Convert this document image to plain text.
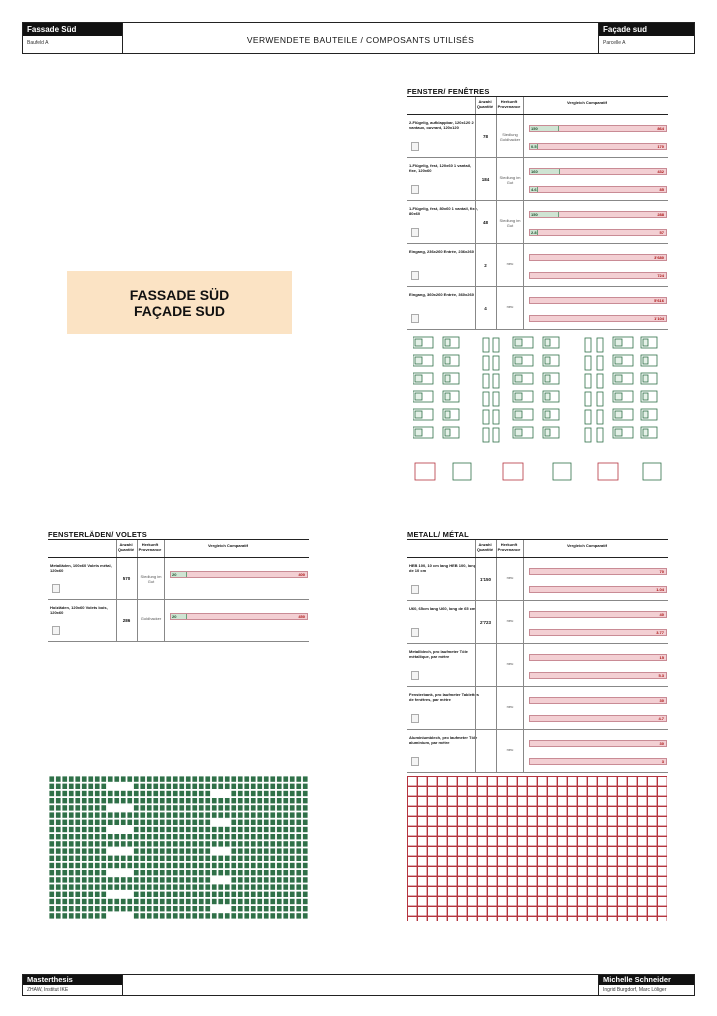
Fassade Süd
Baufeld A	VERWENDETE BAUTEILE / COMPOSANTS UTILISÉS
Façade sud
Parcelle A
FASSADE SÜD
FAÇADE SUD
FENSTER/ FENÊTRES
Anzahl Quantité
Herkunft Provenance
Vergleich Comparatif
2-Flügelig, aufklappbar, 120x120 2 vantaux, ouvrant, 120x120
78	Siedlung Goldhacker
150	864
0.5	170
1-Flügelig, fest, 120x60 1 vantail, fixe, 120x60
184	Siedlung im Gut
160	432
4.6	85
1-Flügelig, fest, 80x60 1 vantail, fixe, 80x60
48	Siedlung im Gut
150	288
2.8	57
Eingang, 236x260 Entrée, 236x260
2	neu
3'680
724
Eingang, 360x260 Entrée, 360x260
4	neu
5'616
1'104
FENSTERLÄDEN/ VOLETS
Anzahl Quantité
Herkunft Provenance
Vergleich Comparatif
Metalläden, 100x60 Volets métal, 120x60
570	Siedlung im Gut
20	400
Holzläden, 120x60 Volets bois, 120x60
286	Goldhacker	20	450
METALL/ MÉTAL
Anzahl Quantité
Herkunft Provenance
Vergleich Comparatif
HEB 100, 10 cm lang HEB 100, long de 10 cm
1'150	neu
70
1.04
U60, 65cm lang U60, long de 65 cm
2'723	neu
40
3.77
Metallblech, pro laufmeter Tôle métallique, par mètre
neu
15
5.3
Fensterbank, pro laufmeter Tablettes de fenêtres, par mètre
neu
30
4.7
Aluminiumblech, pro laufmeter Tôle aluminium, par mètre
neu
30
3
Masterthesis
ZHAW, Institut IKE
Michelle Schneider
Ingrid Burgdorf, Marc Löliger
